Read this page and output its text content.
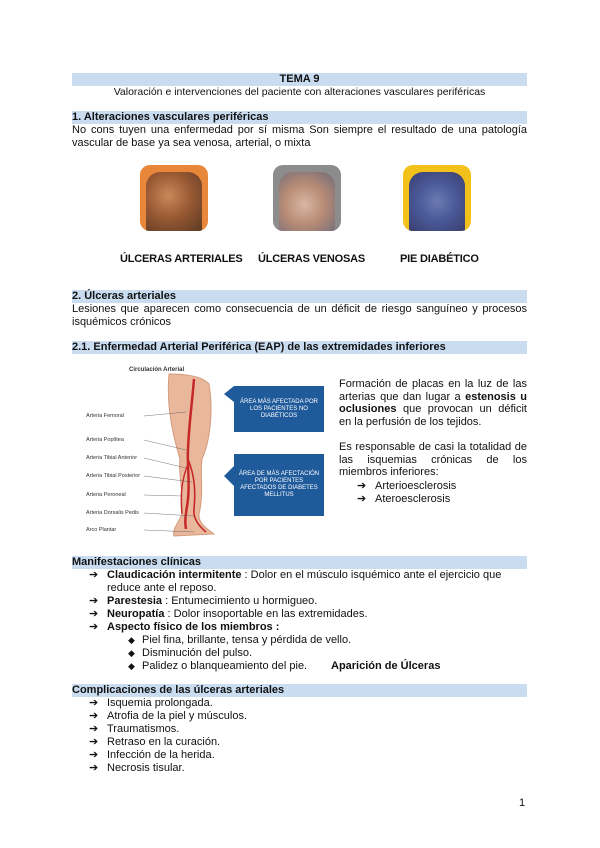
TEMA 9
Valoración e intervenciones del paciente con alteraciones vasculares periféricas
1. Alteraciones vasculares periféricas
No cons tuyen una enfermedad por sí misma Son siempre el resultado de una patología vascular de base ya sea venosa, arterial, o mixta
ÚLCERAS ARTERIALES ÚLCERAS VENOSAS	PIE DIABÉTICO
2. Úlceras arteriales
Lesiones que aparecen como consecuencia de un déficit de riesgo sanguíneo y procesos isquémicos crónicos
2.1. Enfermedad Arterial Periférica (EAP) de las extremidades inferiores
Circulación Arterial
Arteria Femoral
Arteria Poplítea
Arteria Tibial Anterior
Arteria Tibial Posterior
Arteria Peroneal
Arteria Dorsalis Pedis
Arco Plantar
ÁREA MÁS AFECTADA POR LOS PACIENTES NO DIABÉTICOS
ÁREA DE MÁS AFECTACIÓN POR PACIENTES AFECTADOS DE DIABETES MELLITUS
Formación de placas en la luz de las arterias que dan lugar a estenosis u oclusiones que provocan un déficit en la perfusión de los tejidos.
Es responsable de casi la totalidad de las isquemias crónicas de los miembros inferiores:
➔ Arterioesclerosis
➔ Ateroesclerosis
Manifestaciones clínicas
➔ Claudicación intermitente : Dolor en el músculo isquémico ante el ejercicio que
reduce ante el reposo.
➔ Parestesia : Entumecimiento u hormigueo.
➔ Neuropatía : Dolor insoportable en las extremidades.
➔ Aspecto físico de los miembros :
◆ Piel fina, brillante, tensa y pérdida de vello.
◆ Disminución del pulso.
◆ Palidez o blanqueamiento del pie. Aparición de Úlceras
Complicaciones de las úlceras arteriales
➔ Isquemia prolongada.
➔ Atrofia de la piel y músculos.
➔ Traumatismos.
➔ Retraso en la curación.
➔ Infección de la herida.
➔ Necrosis tisular.
1
